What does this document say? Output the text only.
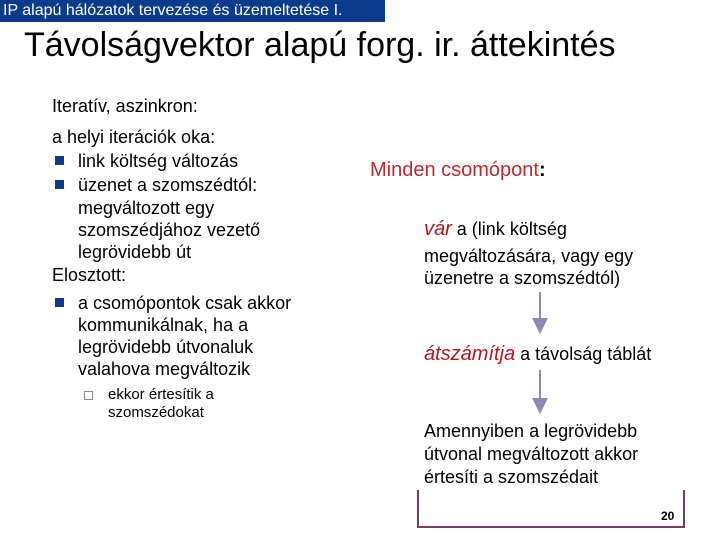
IP alapú hálózatok tervezése és üzemeltetése I.
Távolságvektor alapú forg. ir. áttekintés
Iteratív, aszinkron:
a helyi iterációk oka:
link költség változás
üzenet a szomszédtól:
megváltozott egy
szomszédjához vezető
legrövidebb út
Elosztott:
a csomópontok csak akkor
kommunikálnak, ha a
legrövidebb útvonaluk
valahova megváltozik
ekkor értesítik a
szomszédokat
Minden csomópont:
vár a (link költség
megváltozására, vagy egy
üzenetre a szomszédtól)
átszámítja a távolság táblát
Amennyiben a legrövidebb
útvonal megváltozott akkor
értesíti a szomszédait
20
